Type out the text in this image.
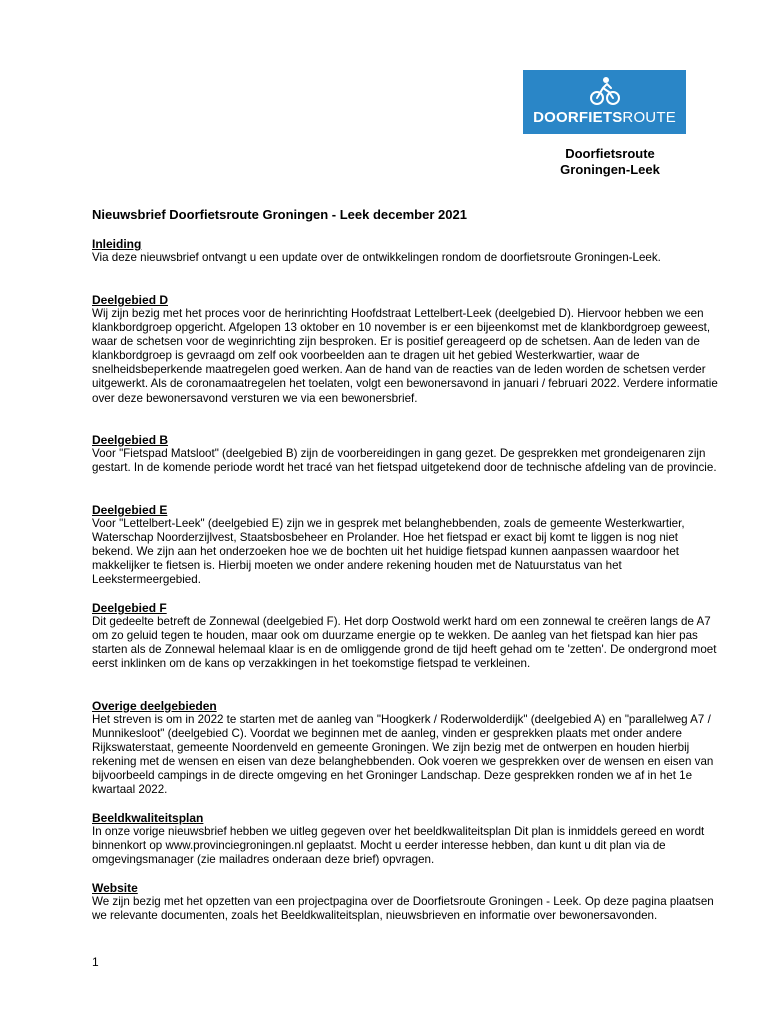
DOORFIETSROUTE
Doorfietsroute
Groningen-Leek
Nieuwsbrief Doorfietsroute Groningen - Leek december 2021
Inleiding

Via deze nieuwsbrief ontvangt u een update over de ontwikkelingen rondom de doorfietsroute Groningen-Leek.

Deelgebied D

Wij zijn bezig met het proces voor de herinrichting Hoofdstraat Lettelbert-Leek (deelgebied D). Hiervoor hebben we een klankbordgroep opgericht. Afgelopen 13 oktober en 10 november is er een bijeenkomst met de klankbordgroep geweest, waar de schetsen voor de weginrichting zijn besproken. Er is positief gereageerd op de schetsen. Aan de leden van de klankbordgroep is gevraagd om zelf ook voorbeelden aan te dragen uit het gebied Westerkwartier, waar de snelheidsbeperkende maatregelen goed werken. Aan de hand van de reacties van de leden worden de schetsen verder uitgewerkt. Als de coronamaatregelen het toelaten, volgt een bewonersavond in januari / februari 2022. Verdere informatie over deze bewonersavond versturen we via een bewonersbrief.

Deelgebied B

Voor "Fietspad Matsloot" (deelgebied B) zijn de voorbereidingen in gang gezet. De gesprekken met grondeigenaren zijn gestart. In de komende periode wordt het tracé van het fietspad uitgetekend door de technische afdeling van de provincie.

Deelgebied E

Voor "Lettelbert-Leek" (deelgebied E) zijn we in gesprek met belanghebbenden, zoals de gemeente Westerkwartier, Waterschap Noorderzijlvest, Staatsbosbeheer en Prolander. Hoe het fietspad er exact bij komt te liggen is nog niet bekend. We zijn aan het onderzoeken hoe we de bochten uit het huidige fietspad kunnen aanpassen waardoor het makkelijker te fietsen is. Hierbij moeten we onder andere rekening houden met de Natuurstatus van het Leekstermeergebied.

Deelgebied F

Dit gedeelte betreft de Zonnewal (deelgebied F). Het dorp Oostwold werkt hard om een zonnewal te creëren langs de A7 om zo geluid tegen te houden, maar ook om duurzame energie op te wekken. De aanleg van het fietspad kan hier pas starten als de Zonnewal helemaal klaar is en de omliggende grond de tijd heeft gehad om te 'zetten'. De ondergrond moet eerst inklinken om de kans op verzakkingen in het toekomstige fietspad te verkleinen.

Overige deelgebieden

Het streven is om in 2022 te starten met de aanleg van "Hoogkerk / Roderwolderdijk" (deelgebied A) en "parallelweg A7 / Munnikesloot" (deelgebied C). Voordat we beginnen met de aanleg, vinden er gesprekken plaats met onder andere Rijkswaterstaat, gemeente Noordenveld en gemeente Groningen. We zijn bezig met de ontwerpen en houden hierbij rekening met de wensen en eisen van deze belanghebbenden. Ook voeren we gesprekken over de wensen en eisen van bijvoorbeeld campings in de directe omgeving en het Groninger Landschap. Deze gesprekken ronden we af in het 1e kwartaal 2022.

Beeldkwaliteitsplan

In onze vorige nieuwsbrief hebben we uitleg gegeven over het beeldkwaliteitsplan Dit plan is inmiddels gereed en wordt binnenkort op www.provinciegroningen.nl geplaatst. Mocht u eerder interesse hebben, dan kunt u dit plan via de omgevingsmanager (zie mailadres onderaan deze brief) opvragen.

Website

We zijn bezig met het opzetten van een projectpagina over de Doorfietsroute Groningen - Leek. Op deze pagina plaatsen we relevante documenten, zoals het Beeldkwaliteitsplan, nieuwsbrieven en informatie over bewonersavonden.

1
